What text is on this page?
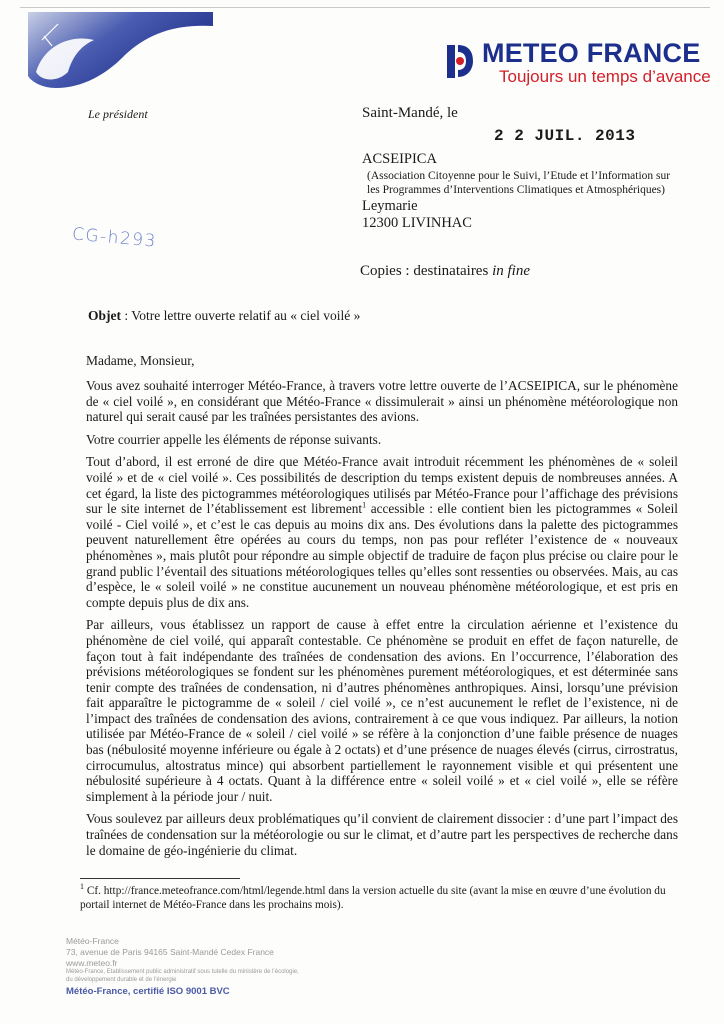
METEO FRANCE
Toujours un temps d’avance
Le président	Saint-Mandé, le
2 2 JUIL. 2013
ACSEIPICA
(Association Citoyenne pour le Suivi, l’Etude et l’Information sur les Programmes d’Interventions Climatiques et Atmosphériques)
Leymarie
12300 LIVINHAC
CG-h293
Copies : destinataires in fine
Objet : Votre lettre ouverte relatif au « ciel voilé »
Madame, Monsieur,

Vous avez souhaité interroger Météo-France, à travers votre lettre ouverte de l’ACSEIPICA, sur le phénomène de « ciel voilé », en considérant que Météo-France « dissimulerait » ainsi un phénomène météorologique non naturel qui serait causé par les traînées persistantes des avions.

Votre courrier appelle les éléments de réponse suivants.

Tout d’abord, il est erroné de dire que Météo-France avait introduit récemment les phénomènes de « soleil voilé » et de « ciel voilé ». Ces possibilités de description du temps existent depuis de nombreuses années. A cet égard, la liste des pictogrammes météorologiques utilisés par Météo-France pour l’affichage des prévisions sur le site internet de l’établissement est librement$^1$ accessible : elle contient bien les pictogrammes « Soleil voilé - Ciel voilé », et c’est le cas depuis au moins dix ans. Des évolutions dans la palette des pictogrammes peuvent naturellement être opérées au cours du temps, non pas pour refléter l’existence de « nouveaux phénomènes », mais plutôt pour répondre au simple objectif de traduire de façon plus précise ou claire pour le grand public l’éventail des situations météorologiques telles qu’elles sont ressenties ou observées. Mais, au cas d’espèce, le « soleil voilé » ne constitue aucunement un nouveau phénomène météorologique, et est pris en compte depuis plus de dix ans.

Par ailleurs, vous établissez un rapport de cause à effet entre la circulation aérienne et l’existence du phénomène de ciel voilé, qui apparaît contestable. Ce phénomène se produit en effet de façon naturelle, de façon tout à fait indépendante des traînées de condensation des avions. En l’occurrence, l’élaboration des prévisions météorologiques se fondent sur les phénomènes purement météorologiques, et est déterminée sans tenir compte des traînées de condensation, ni d’autres phénomènes anthropiques. Ainsi, lorsqu’une prévision fait apparaître le pictogramme de « soleil / ciel voilé », ce n’est aucunement le reflet de l’existence, ni de l’impact des traînées de condensation des avions, contrairement à ce que vous indiquez. Par ailleurs, la notion utilisée par Météo-France de « soleil / ciel voilé » se réfère à la conjonction d’une faible présence de nuages bas (nébulosité moyenne inférieure ou égale à 2 octats) et d’une présence de nuages élevés (cirrus, cirrostratus, cirrocumulus, altostratus mince) qui absorbent partiellement le rayonnement visible et qui présentent une nébulosité supérieure à 4 octats. Quant à la différence entre « soleil voilé » et « ciel voilé », elle se réfère simplement à la période jour / nuit.

Vous soulevez par ailleurs deux problématiques qu’il convient de clairement dissocier : d’une part l’impact des traînées de condensation sur la météorologie ou sur le climat, et d’autre part les perspectives de recherche dans le domaine de géo-ingénierie du climat.

$^1$ Cf. http://france.meteofrance.com/html/legende.html dans la version actuelle du site (avant la mise en œuvre d’une évolution du portail internet de Météo-France dans les prochains mois).
Météo-France
73, avenue de Paris 94165 Saint-Mandé Cedex France
www.meteo.fr
Météo-France, Etablissement public administratif sous tutelle du ministère de l’écologie,
du développement durable et de l’énergie
Météo-France, certifié ISO 9001 BVC
